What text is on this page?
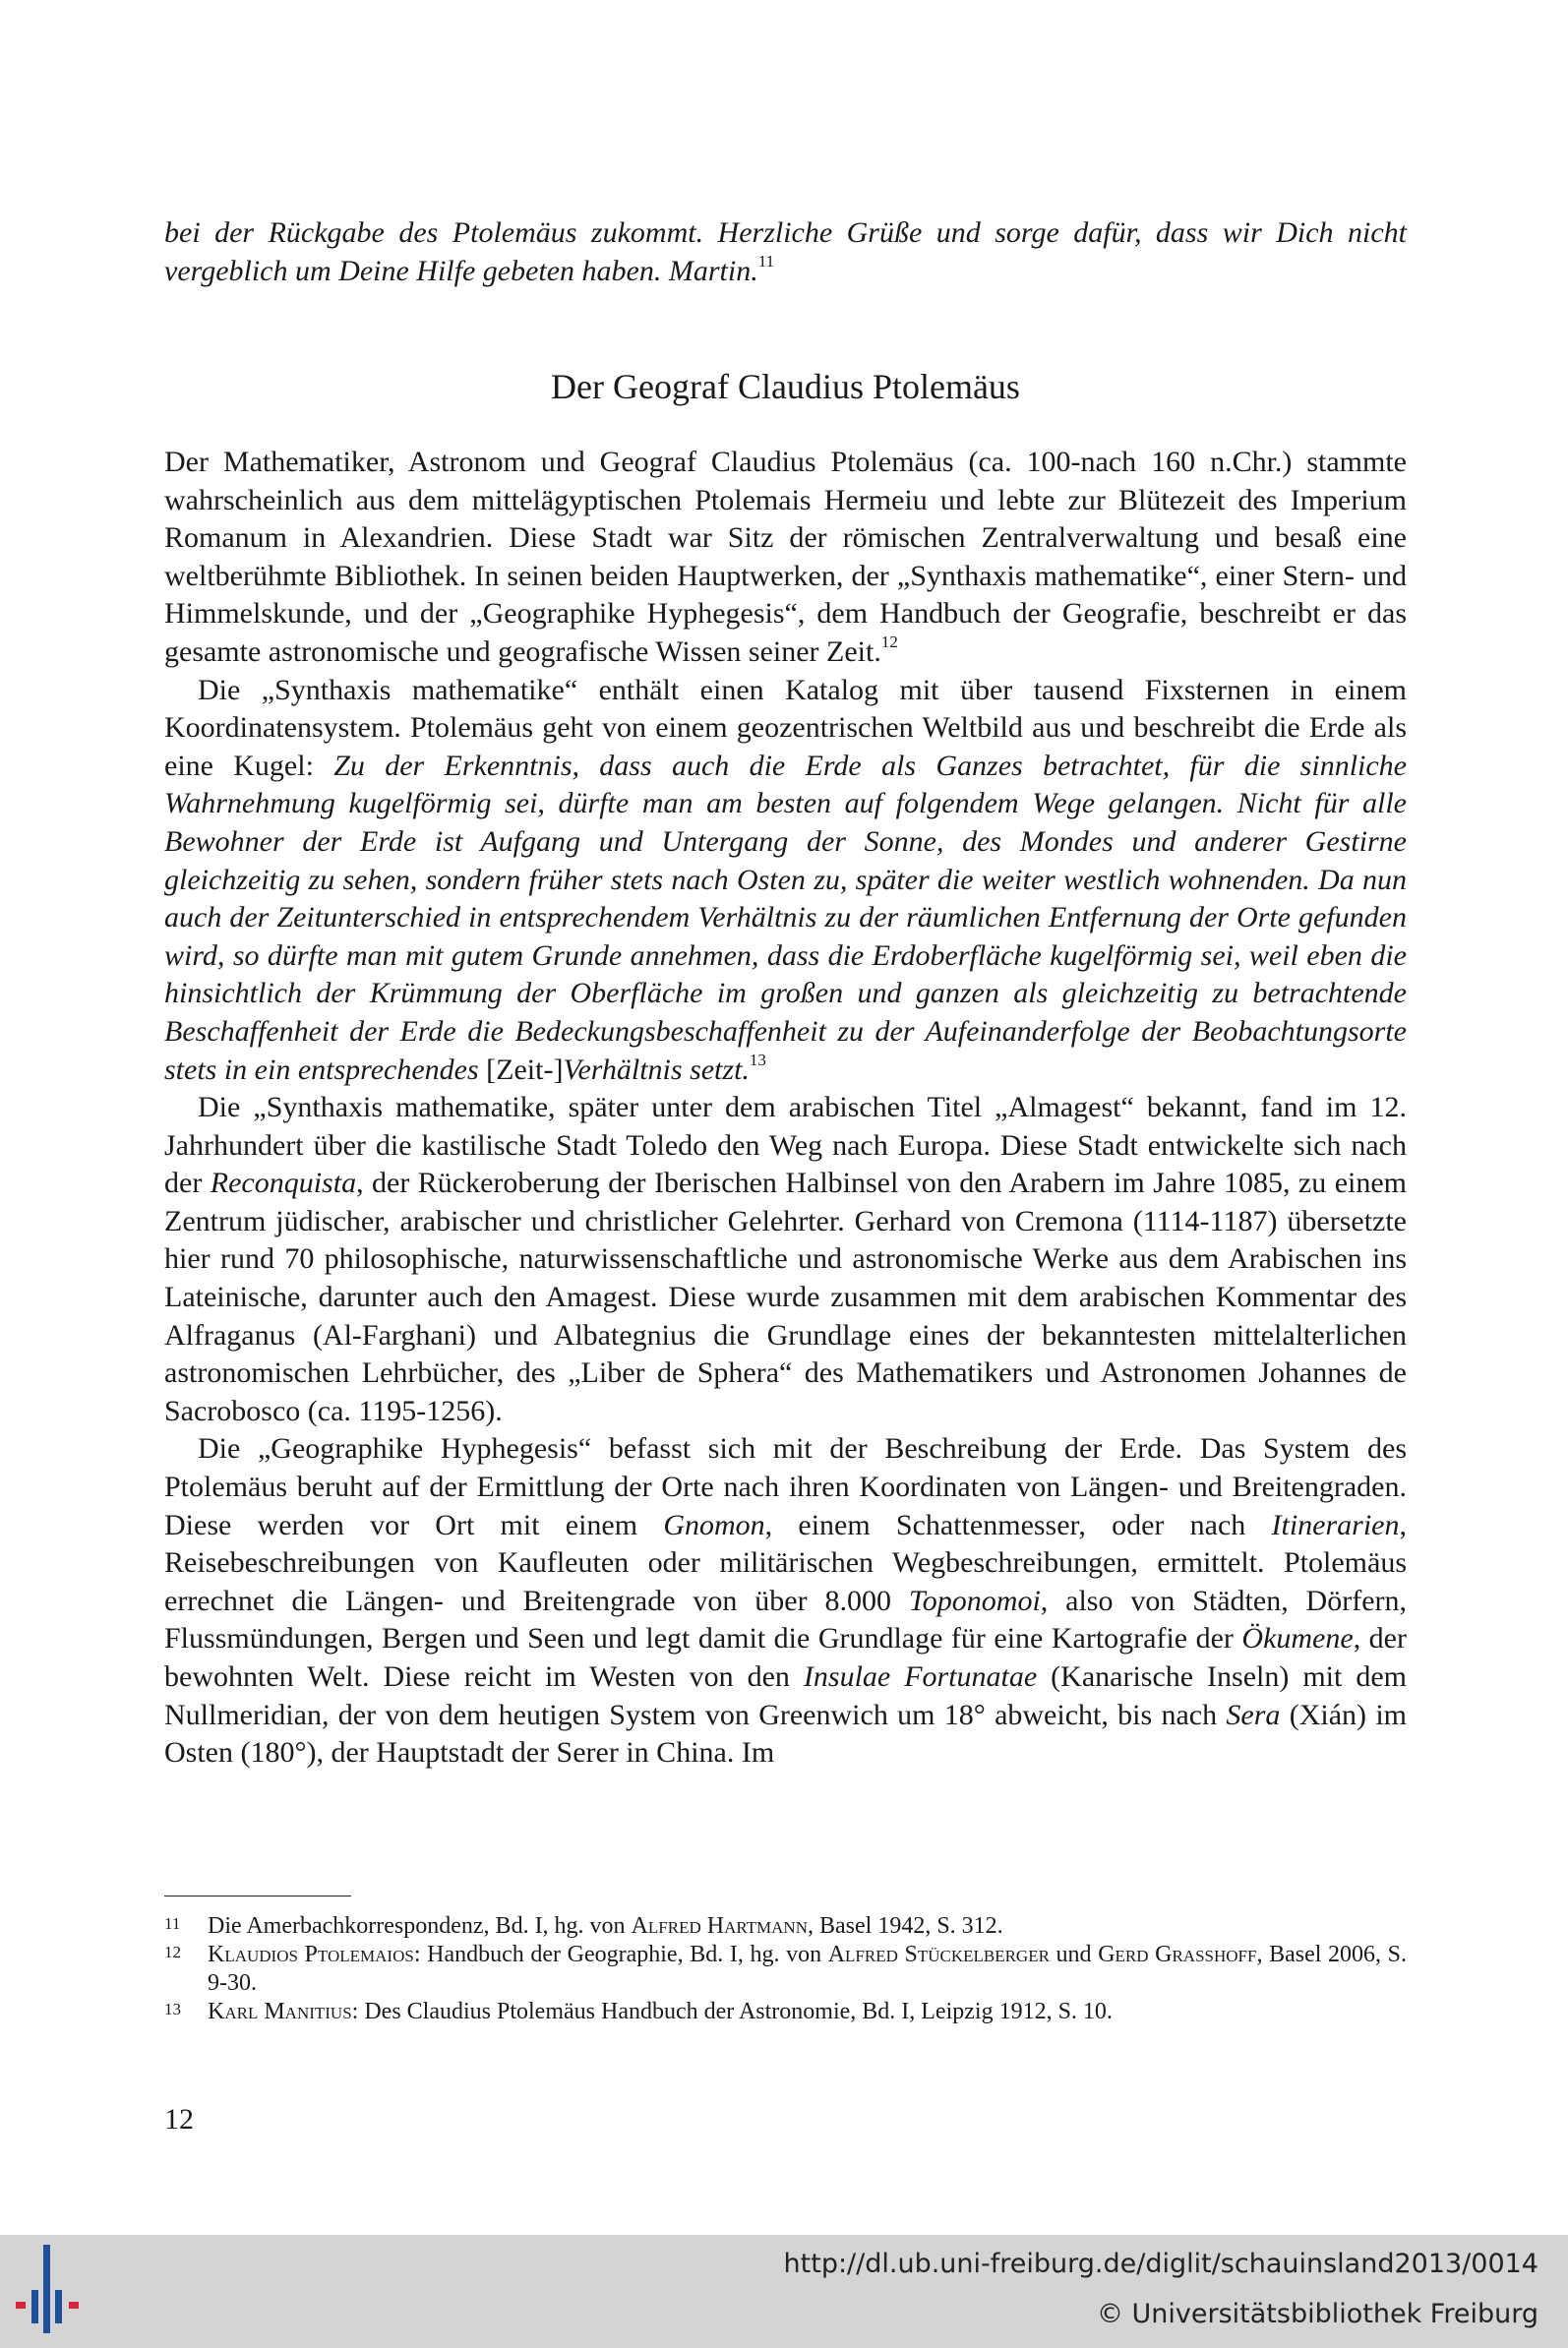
bei der Rückgabe des Ptolemäus zukommt. Herzliche Grüße und sorge dafür, dass wir Dich nicht vergeblich um Deine Hilfe gebeten haben. Martin.$^{11}$

Der Geograf Claudius Ptolemäus

Der Mathematiker, Astronom und Geograf Claudius Ptolemäus (ca. 100-nach 160 n.Chr.) stammte wahrscheinlich aus dem mittelägyptischen Ptolemais Hermeiu und lebte zur Blütezeit des Imperium Romanum in Alexandrien. Diese Stadt war Sitz der römischen Zentralverwaltung und besaß eine weltberühmte Bibliothek. In seinen beiden Hauptwerken, der „Synthaxis mathematike“, einer Stern- und Himmelskunde, und der „Geographike Hyphegesis“, dem Handbuch der Geografie, beschreibt er das gesamte astronomische und geografische Wissen seiner Zeit.$^{12}$

Die „Synthaxis mathematike“ enthält einen Katalog mit über tausend Fixsternen in einem Koordinatensystem. Ptolemäus geht von einem geozentrischen Weltbild aus und beschreibt die Erde als eine Kugel: Zu der Erkenntnis, dass auch die Erde als Ganzes betrachtet, für die sinnliche Wahrnehmung kugelförmig sei, dürfte man am besten auf folgendem Wege gelangen. Nicht für alle Bewohner der Erde ist Aufgang und Untergang der Sonne, des Mondes und anderer Gestirne gleichzeitig zu sehen, sondern früher stets nach Osten zu, später die weiter westlich wohnenden. Da nun auch der Zeitunterschied in entsprechendem Verhältnis zu der räumlichen Entfernung der Orte gefunden wird, so dürfte man mit gutem Grunde annehmen, dass die Erdoberfläche kugelförmig sei, weil eben die hinsichtlich der Krümmung der Oberfläche im großen und ganzen als gleichzeitig zu betrachtende Beschaffenheit der Erde die Bedeckungsbeschaffenheit zu der Aufeinanderfolge der Beobachtungsorte stets in ein entsprechendes [Zeit-]Verhältnis setzt.$^{13}$

Die „Synthaxis mathematike, später unter dem arabischen Titel „Almagest“ bekannt, fand im 12. Jahrhundert über die kastilische Stadt Toledo den Weg nach Europa. Diese Stadt entwickelte sich nach der Reconquista, der Rückeroberung der Iberischen Halbinsel von den Arabern im Jahre 1085, zu einem Zentrum jüdischer, arabischer und christlicher Gelehrter. Gerhard von Cremona (1114-1187) übersetzte hier rund 70 philosophische, naturwissenschaftliche und astronomische Werke aus dem Arabischen ins Lateinische, darunter auch den Amagest. Diese wurde zusammen mit dem arabischen Kommentar des Alfraganus (Al-Farghani) und Albategnius die Grundlage eines der bekanntesten mittelalterlichen astronomischen Lehrbücher, des „Liber de Sphera“ des Mathematikers und Astronomen Johannes de Sacrobosco (ca. 1195-1256).

Die „Geographike Hyphegesis“ befasst sich mit der Beschreibung der Erde. Das System des Ptolemäus beruht auf der Ermittlung der Orte nach ihren Koordinaten von Längen- und Breitengraden. Diese werden vor Ort mit einem Gnomon, einem Schattenmesser, oder nach Itinerarien, Reisebeschreibungen von Kaufleuten oder militärischen Wegbeschreibungen, ermittelt. Ptolemäus errechnet die Längen- und Breitengrade von über 8.000 Toponomoi, also von Städten, Dörfern, Flussmündungen, Bergen und Seen und legt damit die Grundlage für eine Kartografie der Ökumene, der bewohnten Welt. Diese reicht im Westen von den Insulae Fortunatae (Kanarische Inseln) mit dem Nullmeridian, der von dem heutigen System von Greenwich um 18° abweicht, bis nach Sera (Xián) im Osten (180°), der Hauptstadt der Serer in China. Im

11 Die Amerbachkorrespondenz, Bd. I, hg. von Alfred Hartmann, Basel 1942, S. 312.

12 Klaudios Ptolemaios: Handbuch der Geographie, Bd. I, hg. von Alfred Stückelberger und Gerd Grasshoff, Basel 2006, S. 9-30.

13 Karl Manitius: Des Claudius Ptolemäus Handbuch der Astronomie, Bd. I, Leipzig 1912, S. 10.

12

http://dl.ub.uni-freiburg.de/diglit/schauinsland2013/0014
© Universitätsbibliothek Freiburg
